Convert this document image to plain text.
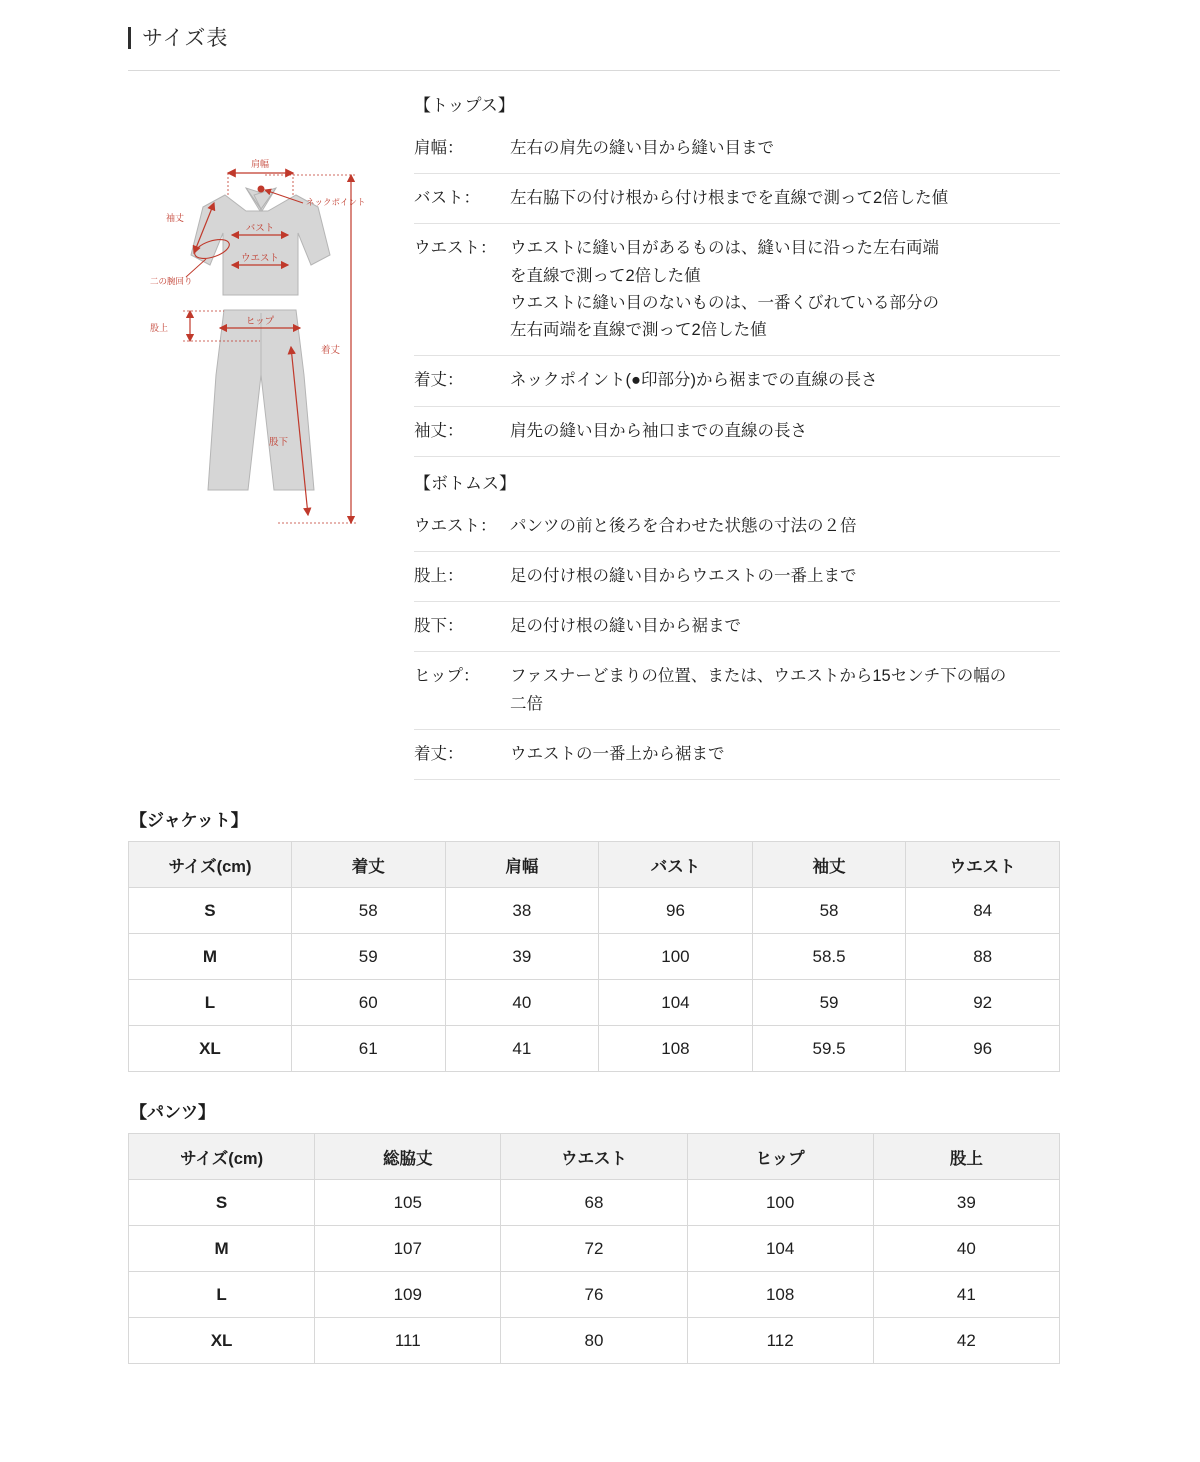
サイズ表
肩幅
ネックポイント
袖丈
バスト
ウエスト
二の腕回り
股上
ヒップ
着丈
股下
【トップス】
肩幅：	左右の肩先の縫い目から縫い目まで
バスト：	左右脇下の付け根から付け根までを直線で測って2倍した値
ウエスト： ウエストに縫い目があるものは、縫い目に沿った左右両端
を直線で測って2倍した値
ウエストに縫い目のないものは、一番くびれている部分の
左右両端を直線で測って2倍した値
着丈：	ネックポイント(●印部分)から裾までの直線の長さ
袖丈：	肩先の縫い目から袖口までの直線の長さ
【ボトムス】
ウエスト： パンツの前と後ろを合わせた状態の寸法の２倍
股上：	足の付け根の縫い目からウエストの一番上まで
股下：	足の付け根の縫い目から裾まで
ヒップ：	ファスナーどまりの位置、または、ウエストから15センチ下の幅の
二倍
着丈：	ウエストの一番上から裾まで
【ジャケット】
サイズ(cm)	着丈	肩幅	バスト	袖丈	ウエスト
S	58	38	96	58	84
M	59	39	100	58.5	88
L	60	40	104	59	92
XL	61	41	108	59.5	96
【パンツ】
サイズ(cm)	総脇丈	ウエスト	ヒップ	股上
S	105	68	100	39
M	107	72	104	40
L	109	76	108	41
XL	111	80	112	42
